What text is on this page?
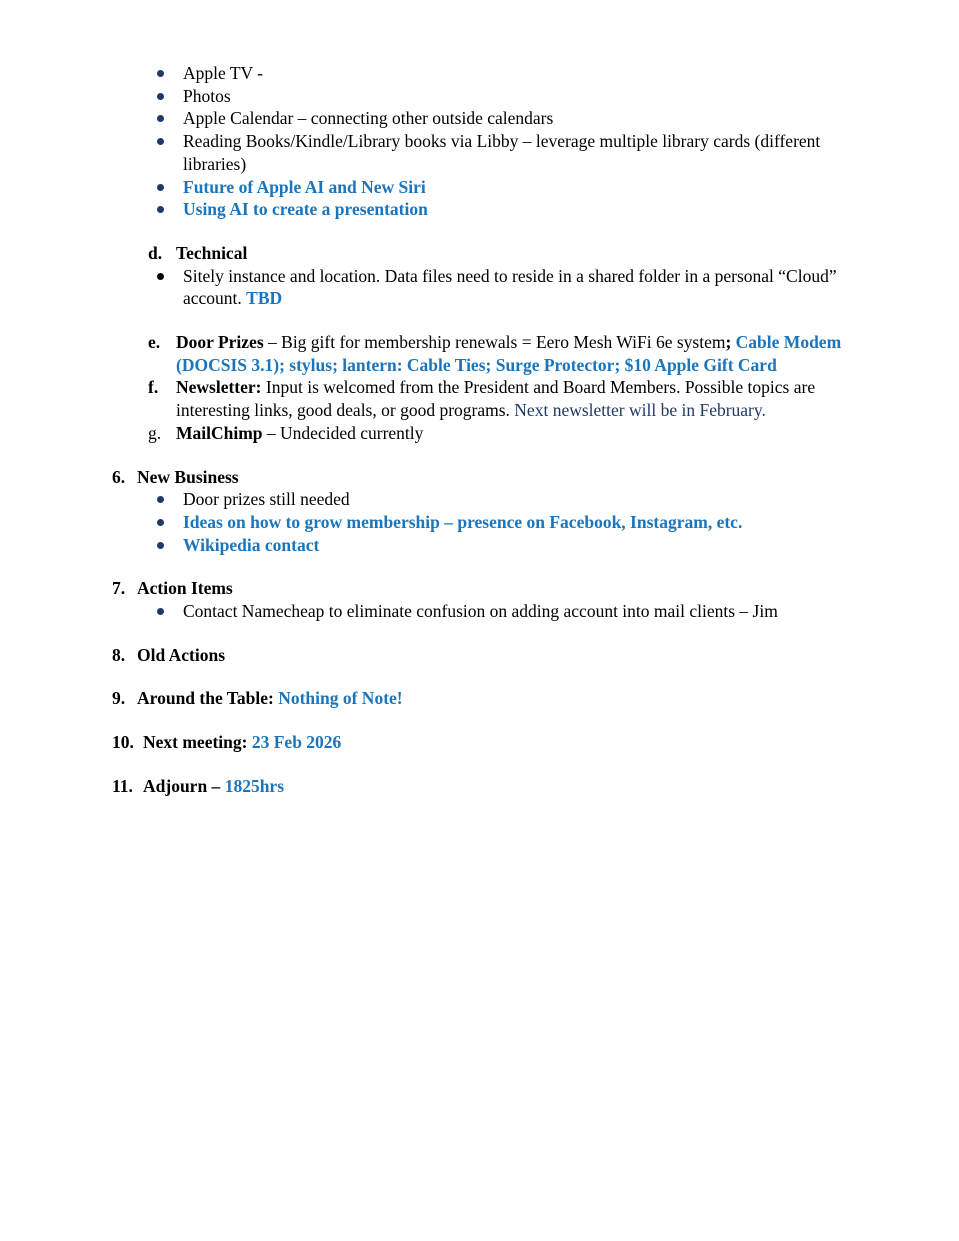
Apple TV -
Photos
Apple Calendar – connecting other outside calendars
Reading Books/Kindle/Library books via Libby – leverage multiple library cards (different libraries)
Future of Apple AI and New Siri
Using AI to create a presentation
d. Technical
Sitely instance and location. Data files need to reside in a shared folder in a personal “Cloud” account. TBD
e. Door Prizes – Big gift for membership renewals = Eero Mesh WiFi 6e system; Cable Modem (DOCSIS 3.1); stylus; lantern: Cable Ties; Surge Protector; $10 Apple Gift Card
f. Newsletter: Input is welcomed from the President and Board Members. Possible topics are interesting links, good deals, or good programs. Next newsletter will be in February.
g. MailChimp – Undecided currently
6. New Business
Door prizes still needed
Ideas on how to grow membership – presence on Facebook, Instagram, etc.
Wikipedia contact
7. Action Items
Contact Namecheap to eliminate confusion on adding account into mail clients – Jim
8. Old Actions
9. Around the Table: Nothing of Note!
10. Next meeting: 23 Feb 2026
11. Adjourn – 1825hrs
